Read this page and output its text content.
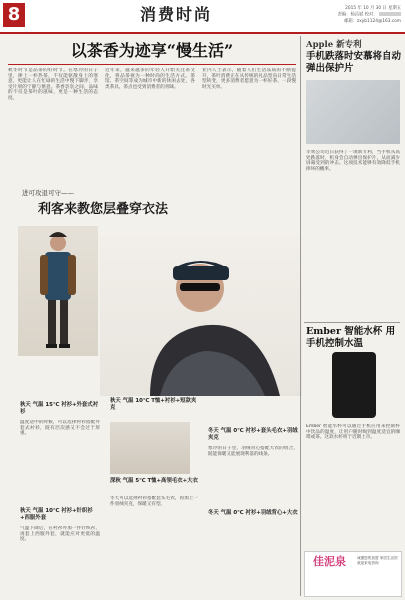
8	消费时尚	2015 年 10 月 30 日 星期五
责编：杨昌斌 校对：
邮箱：zxyb1124@163.com
以茶香为迹享“慢生活”
秋冬时节是品茶的好时节。在寒冷的日子里，捧上一杯热茶，不仅能驱散身上的寒意，更能让人在忙碌的生活中慢下脚步，享受片刻的宁静与惬意。茶香袅袅之间，品味的不仅是茶叶的滋味，更是一种生活的态度。
近年来，越来越多的年轻人开始关注茶文化，将品茶视为一种时尚的生活方式。茶馆、茶空间等成为城市中新的休闲去处，各类茶具、茶点也受到消费者的青睐。
业内人士表示，随着人们生活品质的不断提升，茶叶消费正在从传统的礼品型向日常生活型转变，更多消费者愿意为一杯好茶、一段慢时光买单。
进可攻退可守——
利客来教您层叠穿衣法
秋天 气温 15℃ 衬衫+外套式衬衫
温度适中的时候，可以选择衬衫搭配外套式衬衫，既有层次感又不会过于厚重。
秋天 气温 10℃ 衬衫+针织衫+西服外套
气温下降后，在衬衫外加一件针织衫，再套上西服外套，就能应对更低的温度。
秋天 气温 10℃ T恤+衬衫+短款夹克
深秋 气温 5℃ T恤+高领毛衣+大衣
冬天可以选择衬衫搭配套头毛衣，再加上一件羽绒夹克，保暖又有型。
冬天 气温 0℃ 衬衫+套头毛衣+羽绒夹克
寒冷的日子里，羽绒背心搭配大衣的组合，既能保暖又能展现利落的线条。
冬天 气温 0℃ 衬衫+羽绒背心+大衣
Apple 新专利
手机跌落时安慕将自动弹出保护片
苹果公司近日获得了一项新专利，当手机从高处跌落时，机身会自动弹出保护片，从而减少屏幕受到的冲击。这项技术能够有效降低手机摔坏的概率。
Ember 智能水杯 用手机控制水温
Ember 智能水杯可以通过手机应用来控制杯中饮品的温度，让用户随时喝到温度适宜的咖啡或茶。这款水杯将于近期上市。
佳泥泉	诚邀您的加盟 家居生活馆 欢迎来电咨询
